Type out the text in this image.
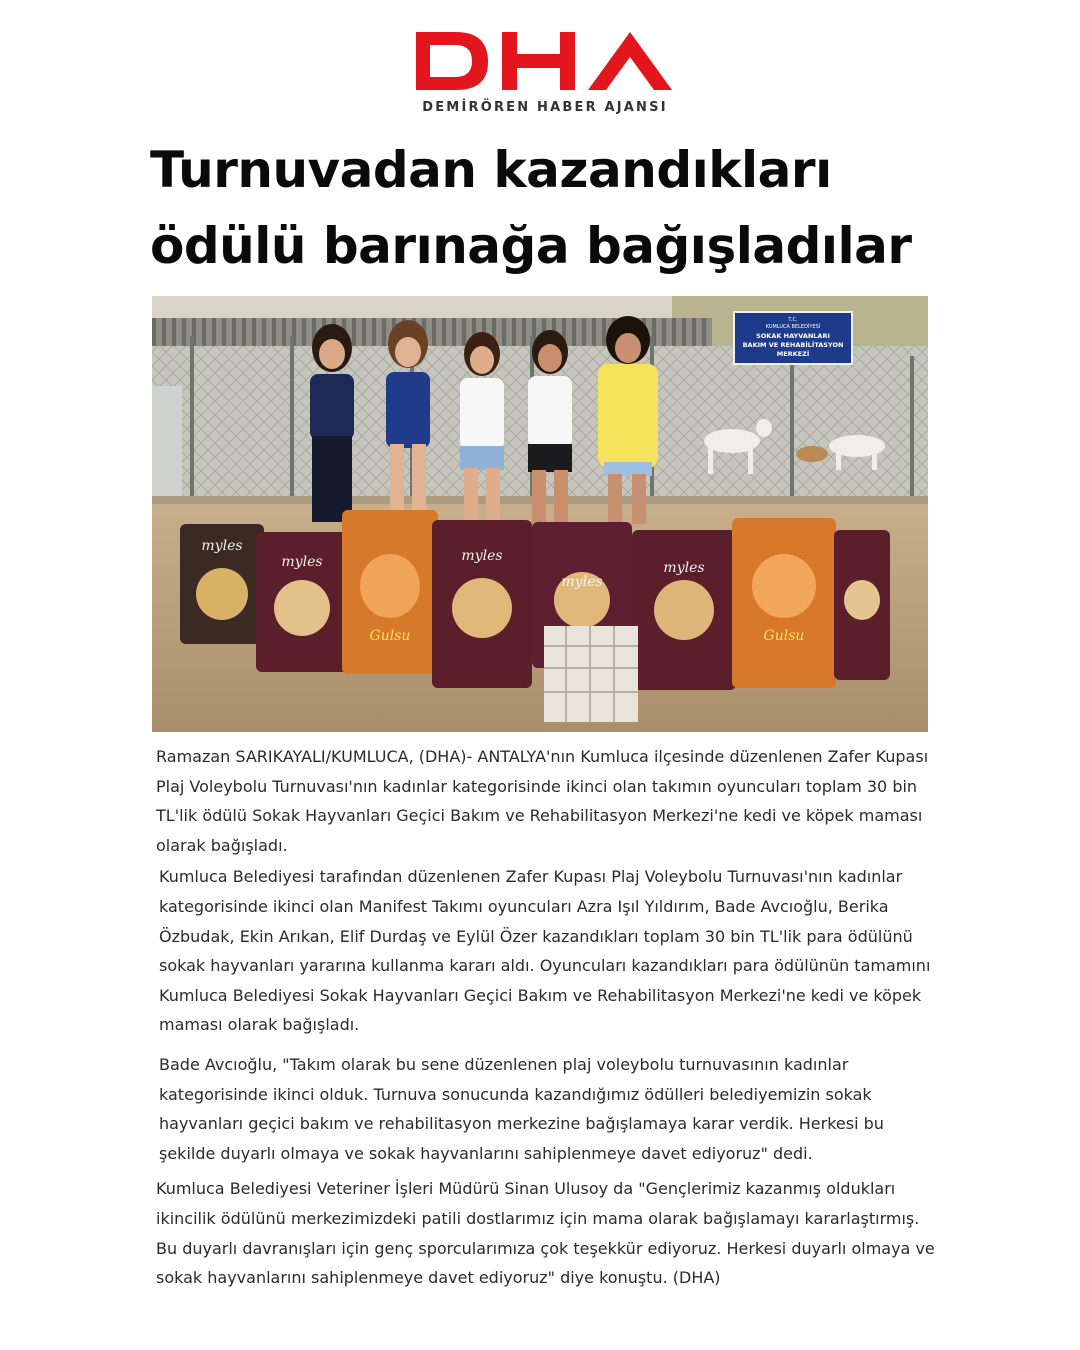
DEMİRÖREN HABER AJANSI
Turnuvadan kazandıkları
ödülü barınağa bağışladılar
T.C.
KUMLUCA BELEDİYESİ
SOKAK HAYVANLARI
BAKIM VE REHABİLİTASYON
MERKEZİ
myles
myles
Gulsu
myles
myles
myles
Gulsu

Ramazan SARIKAYALI/KUMLUCA, (DHA)- ANTALYA'nın Kumluca ilçesinde düzenlenen Zafer Kupası Plaj Voleybolu Turnuvası'nın kadınlar kategorisinde ikinci olan takımın oyuncuları toplam 30 bin TL'lik ödülü Sokak Hayvanları Geçici Bakım ve Rehabilitasyon Merkezi'ne kedi ve köpek maması olarak bağışladı.

Kumluca Belediyesi tarafından düzenlenen Zafer Kupası Plaj Voleybolu Turnuvası'nın kadınlar kategorisinde ikinci olan Manifest Takımı oyuncuları Azra Işıl Yıldırım, Bade Avcıoğlu, Berika Özbudak, Ekin Arıkan, Elif Durdaş ve Eylül Özer kazandıkları toplam 30 bin TL'lik para ödülünü sokak hayvanları yararına kullanma kararı aldı. Oyuncuları kazandıkları para ödülünün tamamını Kumluca Belediyesi Sokak Hayvanları Geçici Bakım ve Rehabilitasyon Merkezi'ne kedi ve köpek maması olarak bağışladı.

Bade Avcıoğlu, "Takım olarak bu sene düzenlenen plaj voleybolu turnuvasının kadınlar kategorisinde ikinci olduk. Turnuva sonucunda kazandığımız ödülleri belediyemizin sokak hayvanları geçici bakım ve rehabilitasyon merkezine bağışlamaya karar verdik. Herkesi bu şekilde duyarlı olmaya ve sokak hayvanlarını sahiplenmeye davet ediyoruz" dedi.

Kumluca Belediyesi Veteriner İşleri Müdürü Sinan Ulusoy da "Gençlerimiz kazanmış oldukları ikincilik ödülünü merkezimizdeki patili dostlarımız için mama olarak bağışlamayı kararlaştırmış. Bu duyarlı davranışları için genç sporcularımıza çok teşekkür ediyoruz. Herkesi duyarlı olmaya ve sokak hayvanlarını sahiplenmeye davet ediyoruz" diye konuştu. (DHA)
